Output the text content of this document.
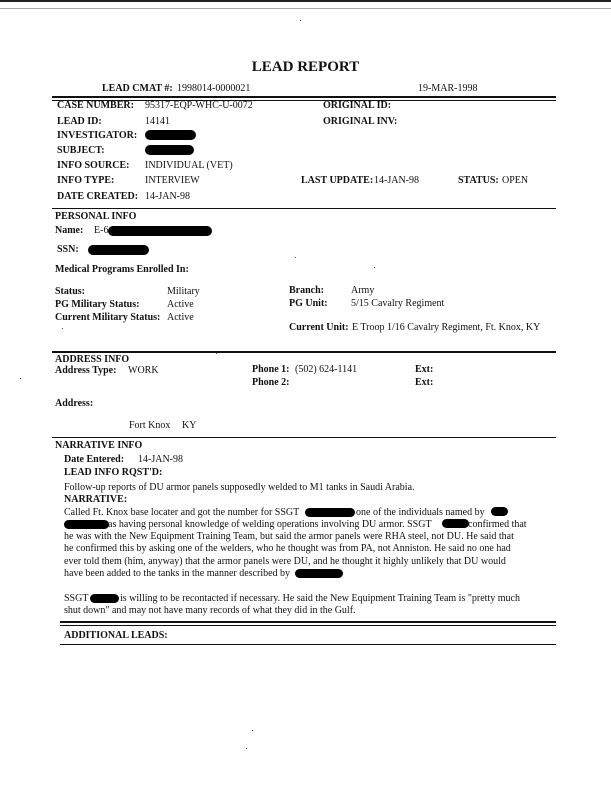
LEAD REPORT
LEAD CMAT #: 1998014-0000021	19-MAR-1998
CASE NUMBER: 95317-EQP-WHC-U-0072	ORIGINAL ID:
LEAD ID:	14141	ORIGINAL INV:
INVESTIGATOR:
SUBJECT:
INFO SOURCE: INDIVIDUAL (VET)
INFO TYPE:	INTERVIEW	LAST UPDATE: 14-JAN-98	STATUS: OPEN
DATE CREATED: 14-JAN-98
PERSONAL INFO
Name: E-6
SSN:
Medical Programs Enrolled In:
Status:	Military	Branch:	Army
PG Military Status:	Active	PG Unit: 5/15 Cavalry Regiment
Current Military Status: Active
Current Unit: E Troop 1/16 Cavalry Regiment, Ft. Knox, KY
ADDRESS INFO
Address Type: WORK	Phone 1: (502) 624-1141	Ext:
Phone 2:	Ext:
Address:
Fort Knox KY
NARRATIVE INFO
Date Entered: 14-JAN-98
LEAD INFO RQST'D:
Follow-up reports of DU armor panels supposedly welded to M1 tanks in Saudi Arabia.
NARRATIVE:
Called Ft. Knox base locater and got the number for SSGT	one of the individuals named by
as having personal knowledge of welding operations involving DU armor. SSGT	confirmed that
he was with the New Equipment Training Team, but said the armor panels were RHA steel, not DU. He said that
he confirmed this by asking one of the welders, who he thought was from PA, not Anniston. He said no one had
ever told them (him, anyway) that the armor panels were DU, and he thought it highly unlikely that DU would
have been added to the tanks in the manner described by
SSGT	is willing to be recontacted if necessary. He said the New Equipment Training Team is "pretty much
shut down" and may not have many records of what they did in the Gulf.
ADDITIONAL LEADS:
